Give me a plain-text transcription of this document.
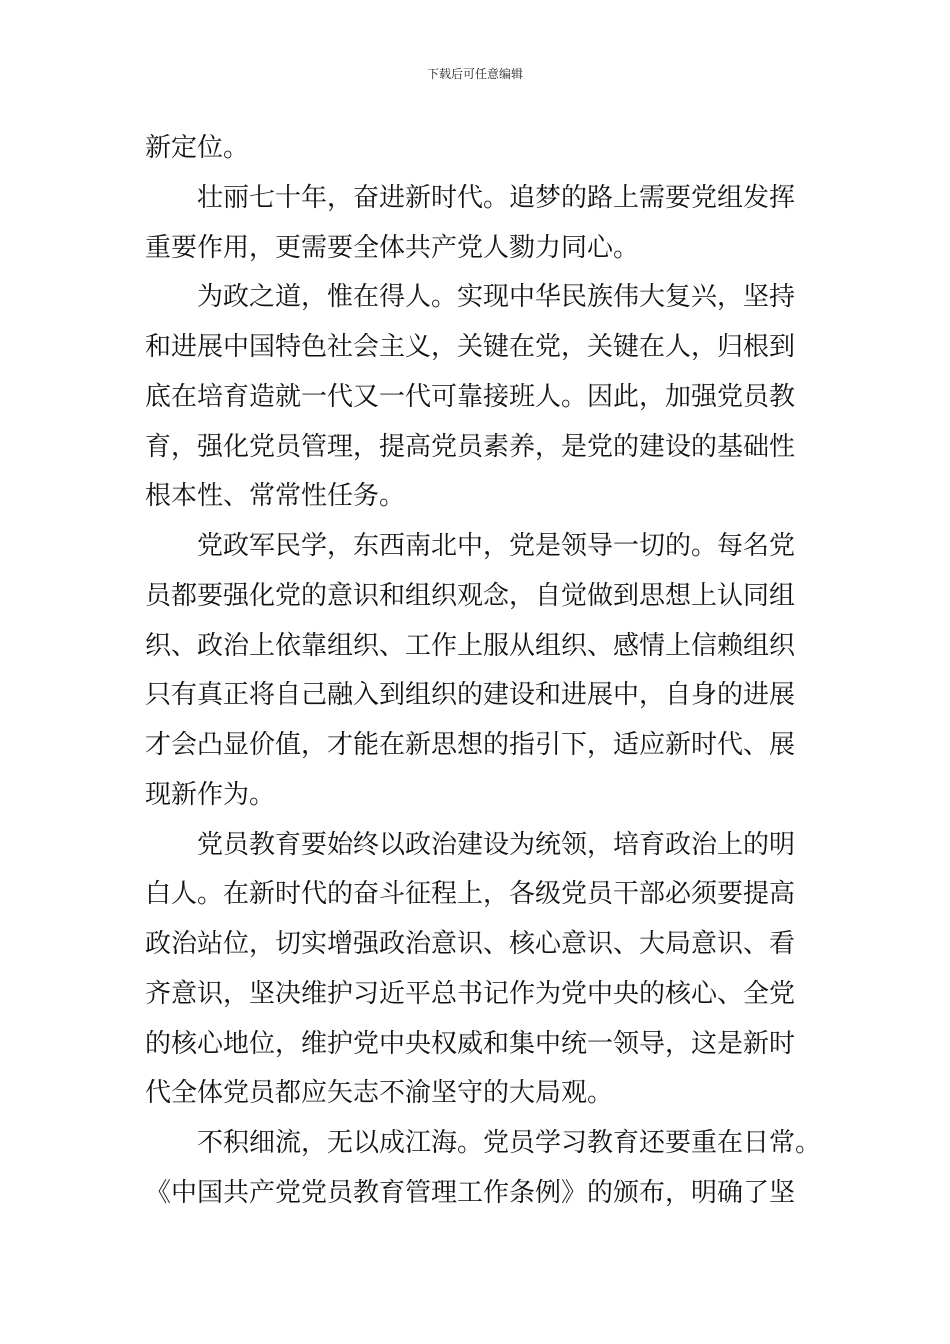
下载后可任意编辑
新定位。
壮丽七十年，奋进新时代。追梦的路上需要党组发挥
重要作用，更需要全体共产党人勠力同心。
为政之道，惟在得人。实现中华民族伟大复兴，坚持
和进展中国特色社会主义，关键在党，关键在人，归根到
底在培育造就一代又一代可靠接班人。因此，加强党员教
育，强化党员管理，提高党员素养，是党的建设的基础性
根本性、常常性任务。
党政军民学，东西南北中，党是领导一切的。每名党
员都要强化党的意识和组织观念，自觉做到思想上认同组
织、政治上依靠组织、工作上服从组织、感情上信赖组织
只有真正将自己融入到组织的建设和进展中，自身的进展
才会凸显价值，才能在新思想的指引下，适应新时代、展
现新作为。
党员教育要始终以政治建设为统领，培育政治上的明
白人。在新时代的奋斗征程上，各级党员干部必须要提高
政治站位，切实增强政治意识、核心意识、大局意识、看
齐意识，坚决维护习近平总书记作为党中央的核心、全党
的核心地位，维护党中央权威和集中统一领导，这是新时
代全体党员都应矢志不渝坚守的大局观。
不积细流，无以成江海。党员学习教育还要重在日常。
《中国共产党党员教育管理工作条例》的颁布，明确了坚
